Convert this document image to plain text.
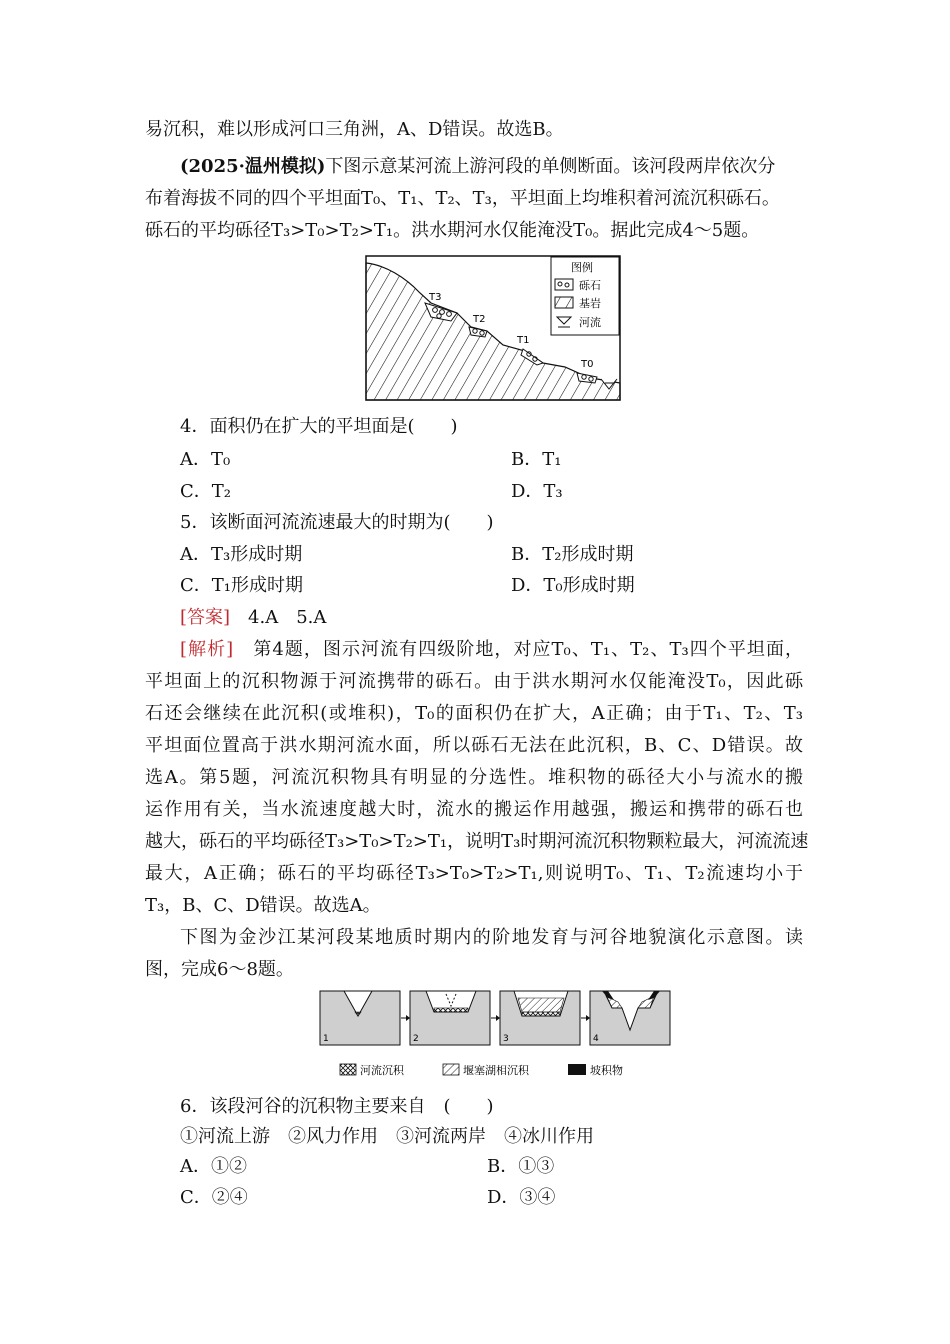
易沉积，难以形成河口三角洲，A、D错误。故选B。
(2025·温州模拟)下图示意某河流上游河段的单侧断面。该河段两岸依次分
布着海拔不同的四个平坦面T₀、T₁、T₂、T₃，平坦面上均堆积着河流沉积砾石。
砾石的平均砾径T₃>T₀>T₂>T₁。洪水期河水仅能淹没T₀。据此完成4～5题。
T3
T2
T1
T0
图例
砾石
基岩
河流
4．面积仍在扩大的平坦面是(　　)
A．T₀	B．T₁
C．T₂	D．T₃
5．该断面河流流速最大的时期为(　　)
A．T₃形成时期	B．T₂形成时期
C．T₁形成时期	D．T₀形成时期
[答案]　 4.A　5.A
[解析]　 第4题，图示河流有四级阶地，对应T₀、T₁、T₂、T₃四个平坦面，
平坦面上的沉积物源于河流携带的砾石。由于洪水期河水仅能淹没T₀，因此砾
石还会继续在此沉积(或堆积)，T₀的面积仍在扩大，A正确；由于T₁、T₂、T₃
平坦面位置高于洪水期河流水面，所以砾石无法在此沉积，B、C、D错误。故
选A。第5题，河流沉积物具有明显的分选性。堆积物的砾径大小与流水的搬
运作用有关，当水流速度越大时，流水的搬运作用越强，搬运和携带的砾石也
越大，砾石的平均砾径T₃>T₀>T₂>T₁，说明T₃时期河流沉积物颗粒最大，河流流速
最大，A正确；砾石的平均砾径T₃>T₀>T₂>T₁,则说明T₀、T₁、T₂流速均小于
T₃，B、C、D错误。故选A。
下图为金沙江某河段某地质时期内的阶地发育与河谷地貌演化示意图。读
图，完成6～8题。
1	2	3	4
河流沉积	堰塞湖相沉积	坡积物
6．该段河谷的沉积物主要来自　(　　)
①河流上游　②风力作用　③河流两岸　④冰川作用
A．①②	B．①③
C．②④	D．③④
